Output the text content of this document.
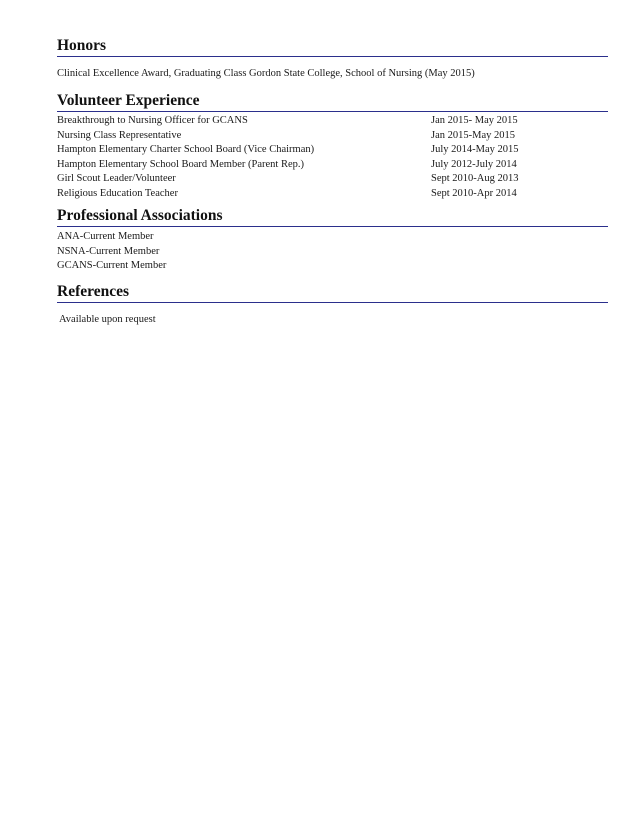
Honors

Clinical Excellence Award, Graduating Class Gordon State College, School of Nursing (May 2015)

Volunteer Experience
Breakthrough to Nursing Officer for GCANS	Jan 2015- May 2015
Nursing Class Representative	Jan 2015-May 2015
Hampton Elementary Charter School Board (Vice Chairman)	July 2014-May 2015
Hampton Elementary School Board Member (Parent Rep.)	July 2012-July 2014
Girl Scout Leader/Volunteer	Sept 2010-Aug 2013
Religious Education Teacher	Sept 2010-Apr 2014
Professional Associations
ANA-Current Member
NSNA-Current Member
GCANS-Current Member
References

Available upon request
